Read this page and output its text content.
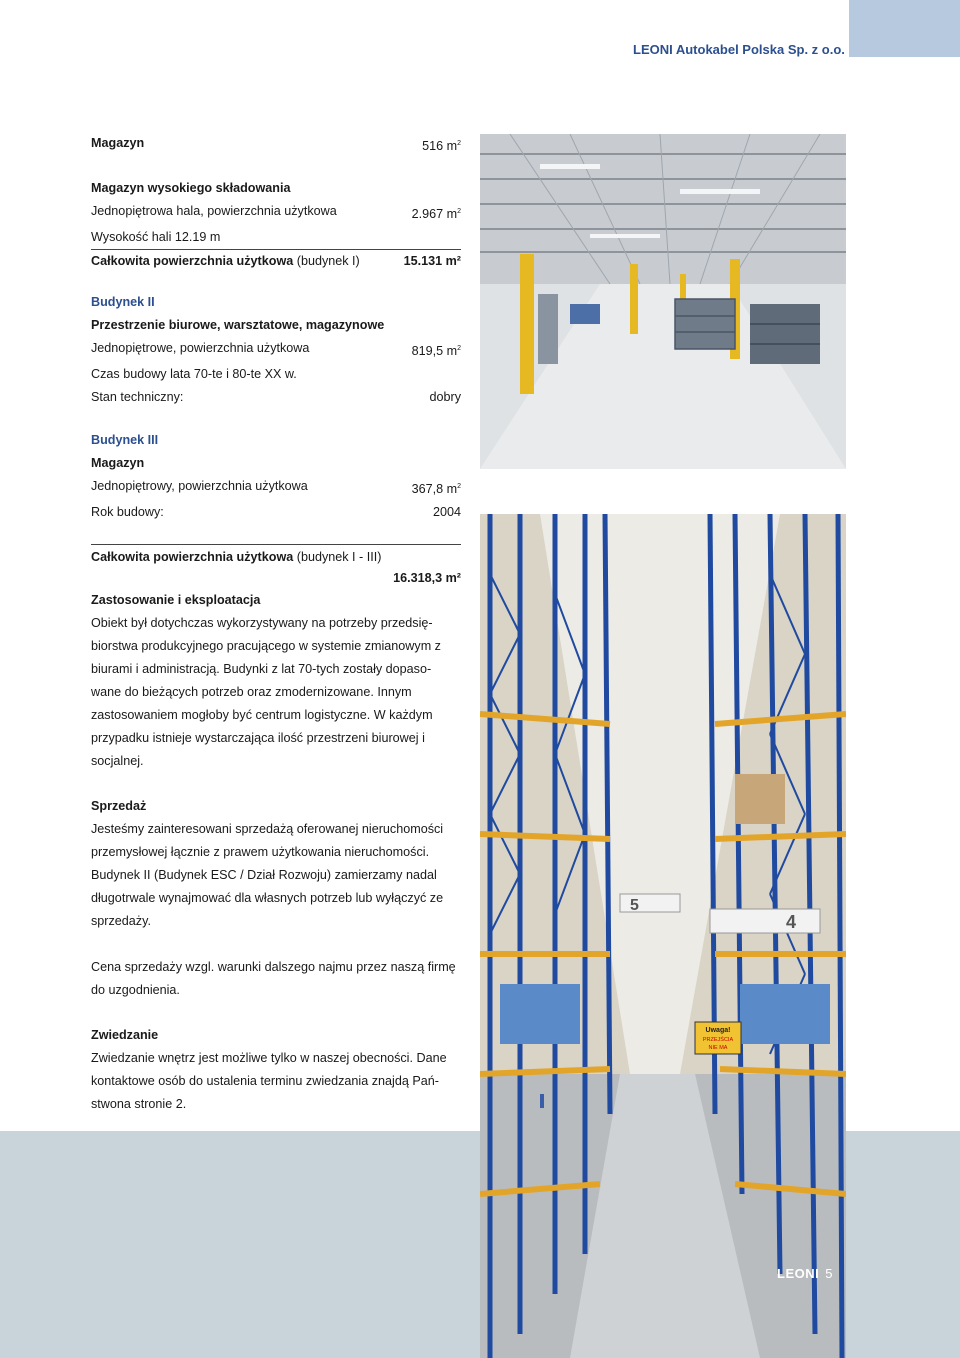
LEONI Autokabel Polska Sp. z o.o.
5
4
Uwaga!
PRZEJŚCIA
NIE MA
Magazyn	516 $m^2$
Magazyn wysokiego składowania
Jednopiętrowa hala, powierzchnia użytkowa	2.967 $m^2$
Wysokość hali 12.19 m
Całkowita powierzchnia użytkowa (budynek I)	15.131 m²
Budynek II
Przestrzenie biurowe, warsztatowe, magazynowe
Jednopiętrowe, powierzchnia użytkowa	819,5 $m^2$
Czas budowy lata 70-te i 80-te XX w.
Stan techniczny:	dobry
Budynek III
Magazyn
Jednopiętrowy, powierzchnia użytkowa	367,8 $m^2$
Rok budowy:	2004
Całkowita powierzchnia użytkowa (budynek I - III)
16.318,3 m²
Zastosowanie i eksploatacja

Obiekt był dotychczas wykorzystywany na potrzeby przedsię-

biorstwa produkcyjnego pracującego w systemie zmianowym z

biurami i administracją. Budynki z lat 70-tych zostały dopaso-

wane do bieżących potrzeb oraz zmodernizowane. Innym

zastosowaniem mogłoby być centrum logistyczne. W każdym

przypadku istnieje wystarczająca ilość przestrzeni biurowej i

socjalnej.

Sprzedaż

Jesteśmy zainteresowani sprzedażą oferowanej nieruchomości

przemysłowej łącznie z prawem użytkowania nieruchomości.

Budynek II (Budynek ESC / Dział Rozwoju) zamierzamy nadal

długotrwale wynajmować dla własnych potrzeb lub wyłączyć ze

sprzedaży.

Cena sprzedaży wzgl. warunki dalszego najmu przez naszą firmę

do uzgodnienia.

Zwiedzanie

Zwiedzanie wnętrz jest możliwe tylko w naszej obecności. Dane

kontaktowe osób do ustalenia terminu zwiedzania znajdą Pań-

stwona stronie 2.

LEONI 5
